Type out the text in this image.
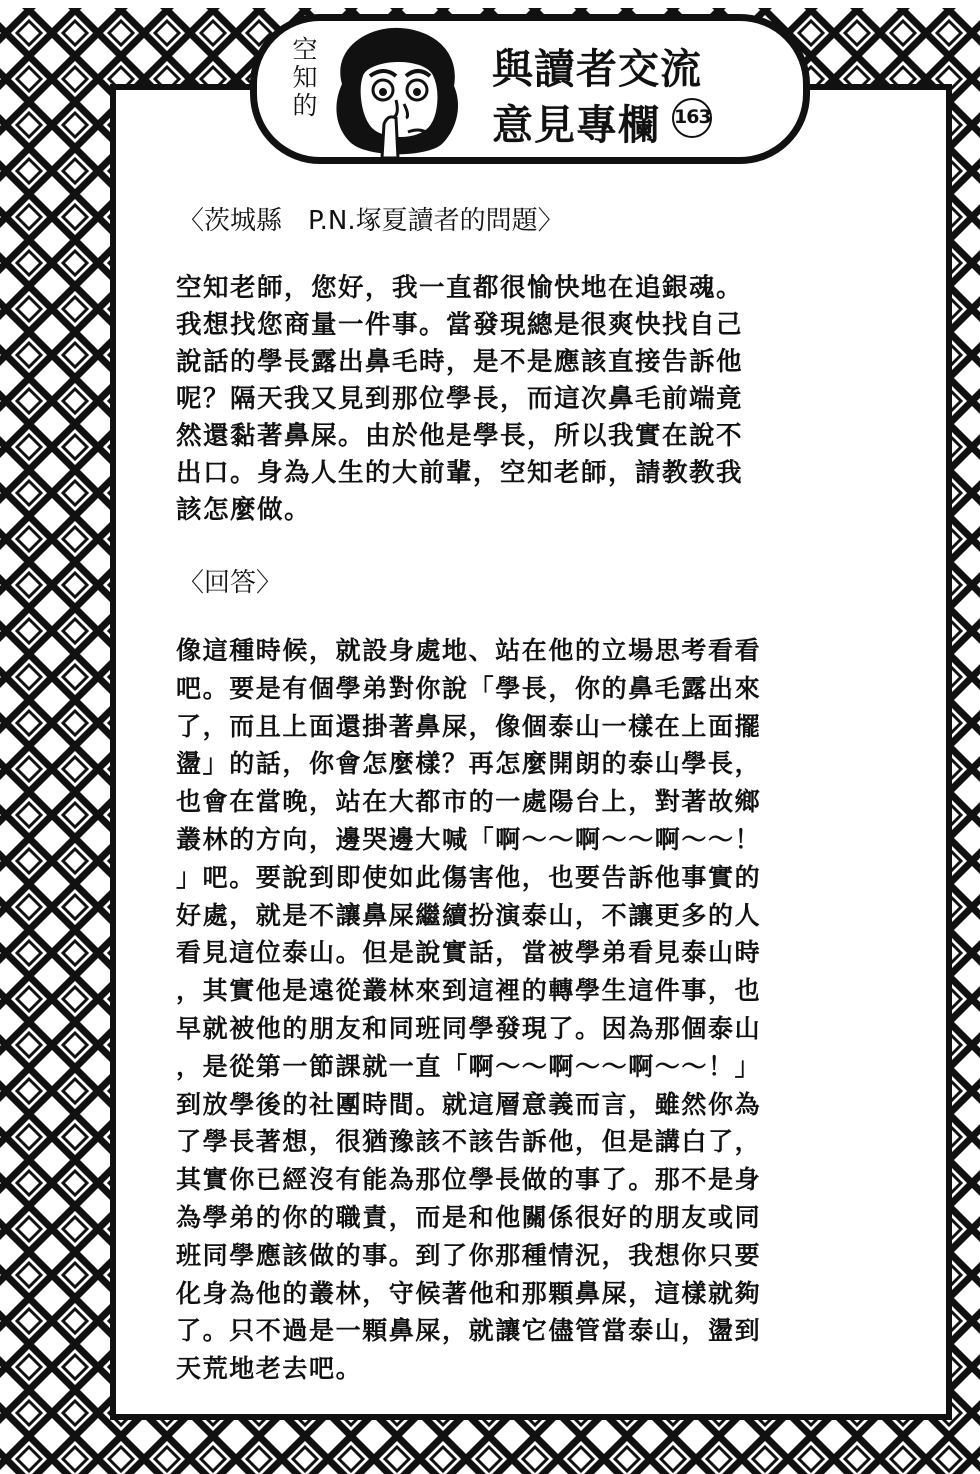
空
知
的
與讀者交流
意見專欄 163
〈茨城縣　P.N.塚夏讀者的問題〉
空知老師，您好，我一直都很愉快地在追銀魂。
我想找您商量一件事。當發現總是很爽快找自己
說話的學長露出鼻毛時，是不是應該直接告訴他
呢？隔天我又見到那位學長，而這次鼻毛前端竟
然還黏著鼻屎。由於他是學長，所以我實在說不
出口。身為人生的大前輩，空知老師，請教教我
該怎麼做。
〈回答〉
像這種時候，就設身處地、站在他的立場思考看看
吧。要是有個學弟對你說「學長，你的鼻毛露出來
了，而且上面還掛著鼻屎，像個泰山一樣在上面擺
盪」的話，你會怎麼樣？再怎麼開朗的泰山學長，
也會在當晚，站在大都市的一處陽台上，對著故鄉
叢林的方向，邊哭邊大喊「啊～～啊～～啊～～！
」吧。要說到即使如此傷害他，也要告訴他事實的
好處，就是不讓鼻屎繼續扮演泰山，不讓更多的人
看見這位泰山。但是說實話，當被學弟看見泰山時
，其實他是遠從叢林來到這裡的轉學生這件事，也
早就被他的朋友和同班同學發現了。因為那個泰山
，是從第一節課就一直「啊～～啊～～啊～～！」
到放學後的社團時間。就這層意義而言，雖然你為
了學長著想，很猶豫該不該告訴他，但是講白了，
其實你已經沒有能為那位學長做的事了。那不是身
為學弟的你的職責，而是和他關係很好的朋友或同
班同學應該做的事。到了你那種情況，我想你只要
化身為他的叢林，守候著他和那顆鼻屎，這樣就夠
了。只不過是一顆鼻屎，就讓它儘管當泰山，盪到
天荒地老去吧。
